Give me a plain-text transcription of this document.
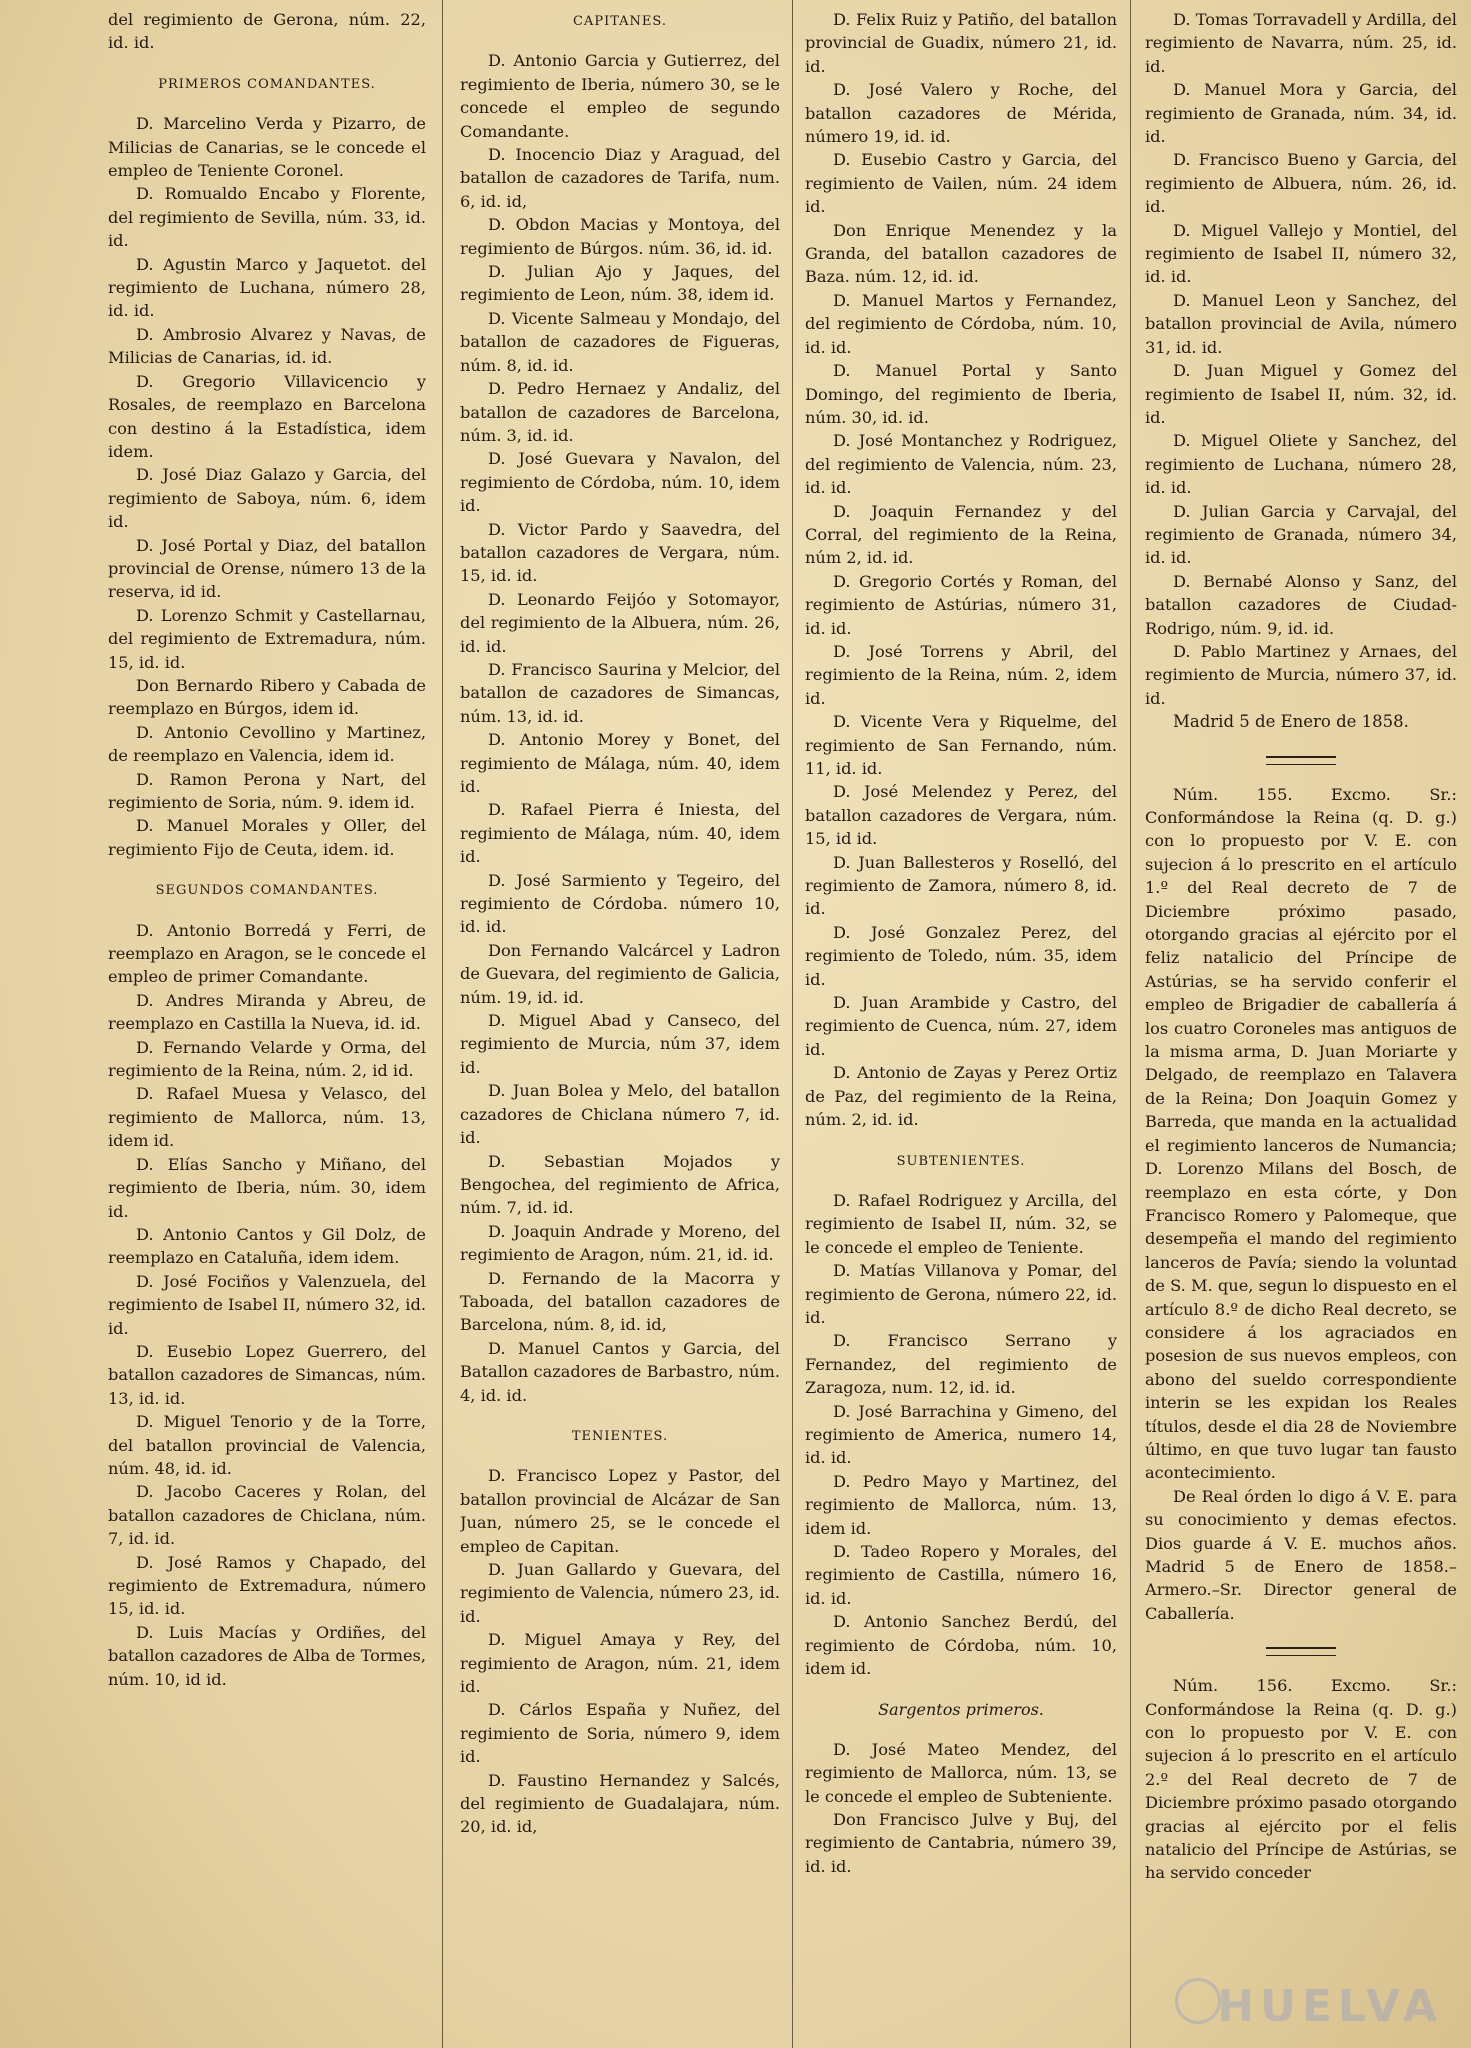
del regimiento de Gerona, núm. 22, id. id.

PRIMEROS COMANDANTES.

D. Marcelino Verda y Pizarro, de Milicias de Canarias, se le concede el empleo de Teniente Coronel.

D. Romualdo Encabo y Florente, del regimiento de Sevilla, núm. 33, id. id.

D. Agustin Marco y Jaquetot. del regimiento de Luchana, número 28, id. id.

D. Ambrosio Alvarez y Navas, de Milicias de Canarias, id. id.

D. Gregorio Villavicencio y Rosales, de reemplazo en Barcelona con destino á la Estadística, idem idem.

D. José Diaz Galazo y Garcia, del regimiento de Saboya, núm. 6, idem id.

D. José Portal y Diaz, del batallon provincial de Orense, número 13 de la reserva, id id.

D. Lorenzo Schmit y Castellarnau, del regimiento de Extremadura, núm. 15, id. id.

Don Bernardo Ribero y Cabada de reemplazo en Búrgos, idem id.

D. Antonio Cevollino y Martinez, de reemplazo en Valencia, idem id.

D. Ramon Perona y Nart, del regimiento de Soria, núm. 9. idem id.

D. Manuel Morales y Oller, del regimiento Fijo de Ceuta, idem. id.

SEGUNDOS COMANDANTES.

D. Antonio Borredá y Ferri, de reemplazo en Aragon, se le concede el empleo de primer Comandante.

D. Andres Miranda y Abreu, de reemplazo en Castilla la Nueva, id. id.

D. Fernando Velarde y Orma, del regimiento de la Reina, núm. 2, id id.

D. Rafael Muesa y Velasco, del regimiento de Mallorca, núm. 13, idem id.

D. Elías Sancho y Miñano, del regimiento de Iberia, núm. 30, idem id.

D. Antonio Cantos y Gil Dolz, de reemplazo en Cataluña, idem idem.

D. José Fociños y Valenzuela, del regimiento de Isabel II, número 32, id. id.

D. Eusebio Lopez Guerrero, del batallon cazadores de Simancas, núm. 13, id. id.

D. Miguel Tenorio y de la Torre, del batallon provincial de Valencia, núm. 48, id. id.

D. Jacobo Caceres y Rolan, del batallon cazadores de Chiclana, núm. 7, id. id.

D. José Ramos y Chapado, del regimiento de Extremadura, número 15, id. id.

D. Luis Macías y Ordiñes, del batallon cazadores de Alba de Tormes, núm. 10, id id.

CAPITANES.

D. Antonio Garcia y Gutierrez, del regimiento de Iberia, número 30, se le concede el empleo de segundo Comandante.

D. Inocencio Diaz y Araguad, del batallon de cazadores de Tarifa, num. 6, id. id,

D. Obdon Macias y Montoya, del regimiento de Búrgos. núm. 36, id. id.

D. Julian Ajo y Jaques, del regimiento de Leon, núm. 38, idem id.

D. Vicente Salmeau y Mondajo, del batallon de cazadores de Figueras, núm. 8, id. id.

D. Pedro Hernaez y Andaliz, del batallon de cazadores de Barcelona, núm. 3, id. id.

D. José Guevara y Navalon, del regimiento de Córdoba, núm. 10, idem id.

D. Victor Pardo y Saavedra, del batallon cazadores de Vergara, núm. 15, id. id.

D. Leonardo Feijóo y Sotomayor, del regimiento de la Albuera, núm. 26, id. id.

D. Francisco Saurina y Melcior, del batallon de cazadores de Simancas, núm. 13, id. id.

D. Antonio Morey y Bonet, del regimiento de Málaga, núm. 40, idem id.

D. Rafael Pierra é Iniesta, del regimiento de Málaga, núm. 40, idem id.

D. José Sarmiento y Tegeiro, del regimiento de Córdoba. número 10, id. id.

Don Fernando Valcárcel y Ladron de Guevara, del regimiento de Galicia, núm. 19, id. id.

D. Miguel Abad y Canseco, del regimiento de Murcia, núm 37, idem id.

D. Juan Bolea y Melo, del batallon cazadores de Chiclana número 7, id. id.

D. Sebastian Mojados y Bengochea, del regimiento de Africa, núm. 7, id. id.

D. Joaquin Andrade y Moreno, del regimiento de Aragon, núm. 21, id. id.

D. Fernando de la Macorra y Taboada, del batallon cazadores de Barcelona, núm. 8, id. id,

D. Manuel Cantos y Garcia, del Batallon cazadores de Barbastro, núm. 4, id. id.

TENIENTES.

D. Francisco Lopez y Pastor, del batallon provincial de Alcázar de San Juan, número 25, se le concede el empleo de Capitan.

D. Juan Gallardo y Guevara, del regimiento de Valencia, número 23, id. id.

D. Miguel Amaya y Rey, del regimiento de Aragon, núm. 21, idem id.

D. Cárlos España y Nuñez, del regimiento de Soria, número 9, idem id.

D. Faustino Hernandez y Salcés, del regimiento de Guadalajara, núm. 20, id. id,

D. Felix Ruiz y Patiño, del batallon provincial de Guadix, número 21, id. id.

D. José Valero y Roche, del batallon cazadores de Mérida, número 19, id. id.

D. Eusebio Castro y Garcia, del regimiento de Vailen, núm. 24 idem id.

Don Enrique Menendez y la Granda, del batallon cazadores de Baza. núm. 12, id. id.

D. Manuel Martos y Fernandez, del regimiento de Córdoba, núm. 10, id. id.

D. Manuel Portal y Santo Domingo, del regimiento de Iberia, núm. 30, id. id.

D. José Montanchez y Rodriguez, del regimiento de Valencia, núm. 23, id. id.

D. Joaquin Fernandez y del Corral, del regimiento de la Reina, núm 2, id. id.

D. Gregorio Cortés y Roman, del regimiento de Astúrias, número 31, id. id.

D. José Torrens y Abril, del regimiento de la Reina, núm. 2, idem id.

D. Vicente Vera y Riquelme, del regimiento de San Fernando, núm. 11, id. id.

D. José Melendez y Perez, del batallon cazadores de Vergara, núm. 15, id id.

D. Juan Ballesteros y Roselló, del regimiento de Zamora, número 8, id. id.

D. José Gonzalez Perez, del regimiento de Toledo, núm. 35, idem id.

D. Juan Arambide y Castro, del regimiento de Cuenca, núm. 27, idem id.

D. Antonio de Zayas y Perez Ortiz de Paz, del regimiento de la Reina, núm. 2, id. id.

SUBTENIENTES.

D. Rafael Rodriguez y Arcilla, del regimiento de Isabel II, núm. 32, se le concede el empleo de Teniente.

D. Matías Villanova y Pomar, del regimiento de Gerona, número 22, id. id.

D. Francisco Serrano y Fernandez, del regimiento de Zaragoza, num. 12, id. id.

D. José Barrachina y Gimeno, del regimiento de America, numero 14, id. id.

D. Pedro Mayo y Martinez, del regimiento de Mallorca, núm. 13, idem id.

D. Tadeo Ropero y Morales, del regimiento de Castilla, número 16, id. id.

D. Antonio Sanchez Berdú, del regimiento de Córdoba, núm. 10, idem id.

Sargentos primeros.

D. José Mateo Mendez, del regimiento de Mallorca, núm. 13, se le concede el empleo de Subteniente.

Don Francisco Julve y Buj, del regimiento de Cantabria, número 39, id. id.

D. Tomas Torravadell y Ardilla, del regimiento de Navarra, núm. 25, id. id.

D. Manuel Mora y Garcia, del regimiento de Granada, núm. 34, id. id.

D. Francisco Bueno y Garcia, del regimiento de Albuera, núm. 26, id. id.

D. Miguel Vallejo y Montiel, del regimiento de Isabel II, número 32, id. id.

D. Manuel Leon y Sanchez, del batallon provincial de Avila, número 31, id. id.

D. Juan Miguel y Gomez del regimiento de Isabel II, núm. 32, id. id.

D. Miguel Oliete y Sanchez, del regimiento de Luchana, número 28, id. id.

D. Julian Garcia y Carvajal, del regimiento de Granada, número 34, id. id.

D. Bernabé Alonso y Sanz, del batallon cazadores de Ciudad-Rodrigo, núm. 9, id. id.

D. Pablo Martinez y Arnaes, del regimiento de Murcia, número 37, id. id.

Madrid 5 de Enero de 1858.

Núm. 155. Excmo. Sr.: Conformándose la Reina (q. D. g.) con lo propuesto por V. E. con sujecion á lo prescrito en el artículo 1.º del Real decreto de 7 de Diciembre próximo pasado, otorgando gracias al ejército por el feliz natalicio del Príncipe de Astúrias, se ha servido conferir el empleo de Brigadier de caballería á los cuatro Coroneles mas antiguos de la misma arma, D. Juan Moriarte y Delgado, de reemplazo en Talavera de la Reina; Don Joaquin Gomez y Barreda, que manda en la actualidad el regimiento lanceros de Numancia; D. Lorenzo Milans del Bosch, de reemplazo en esta córte, y Don Francisco Romero y Palomeque, que desempeña el mando del regimiento lanceros de Pavía; siendo la voluntad de S. M. que, segun lo dispuesto en el artículo 8.º de dicho Real decreto, se considere á los agraciados en posesion de sus nuevos empleos, con abono del sueldo correspondiente interin se les expidan los Reales títulos, desde el dia 28 de Noviembre último, en que tuvo lugar tan fausto acontecimiento.

De Real órden lo digo á V. E. para su conocimiento y demas efectos. Dios guarde á V. E. muchos años. Madrid 5 de Enero de 1858.–Armero.–Sr. Director general de Caballería.

Núm. 156. Excmo. Sr.: Conformándose la Reina (q. D. g.) con lo propuesto por V. E. con sujecion á lo prescrito en el artículo 2.º del Real decreto de 7 de Diciembre próximo pasado otorgando gracias al ejército por el felis natalicio del Príncipe de Astúrias, se ha servido conceder

HUELVA
